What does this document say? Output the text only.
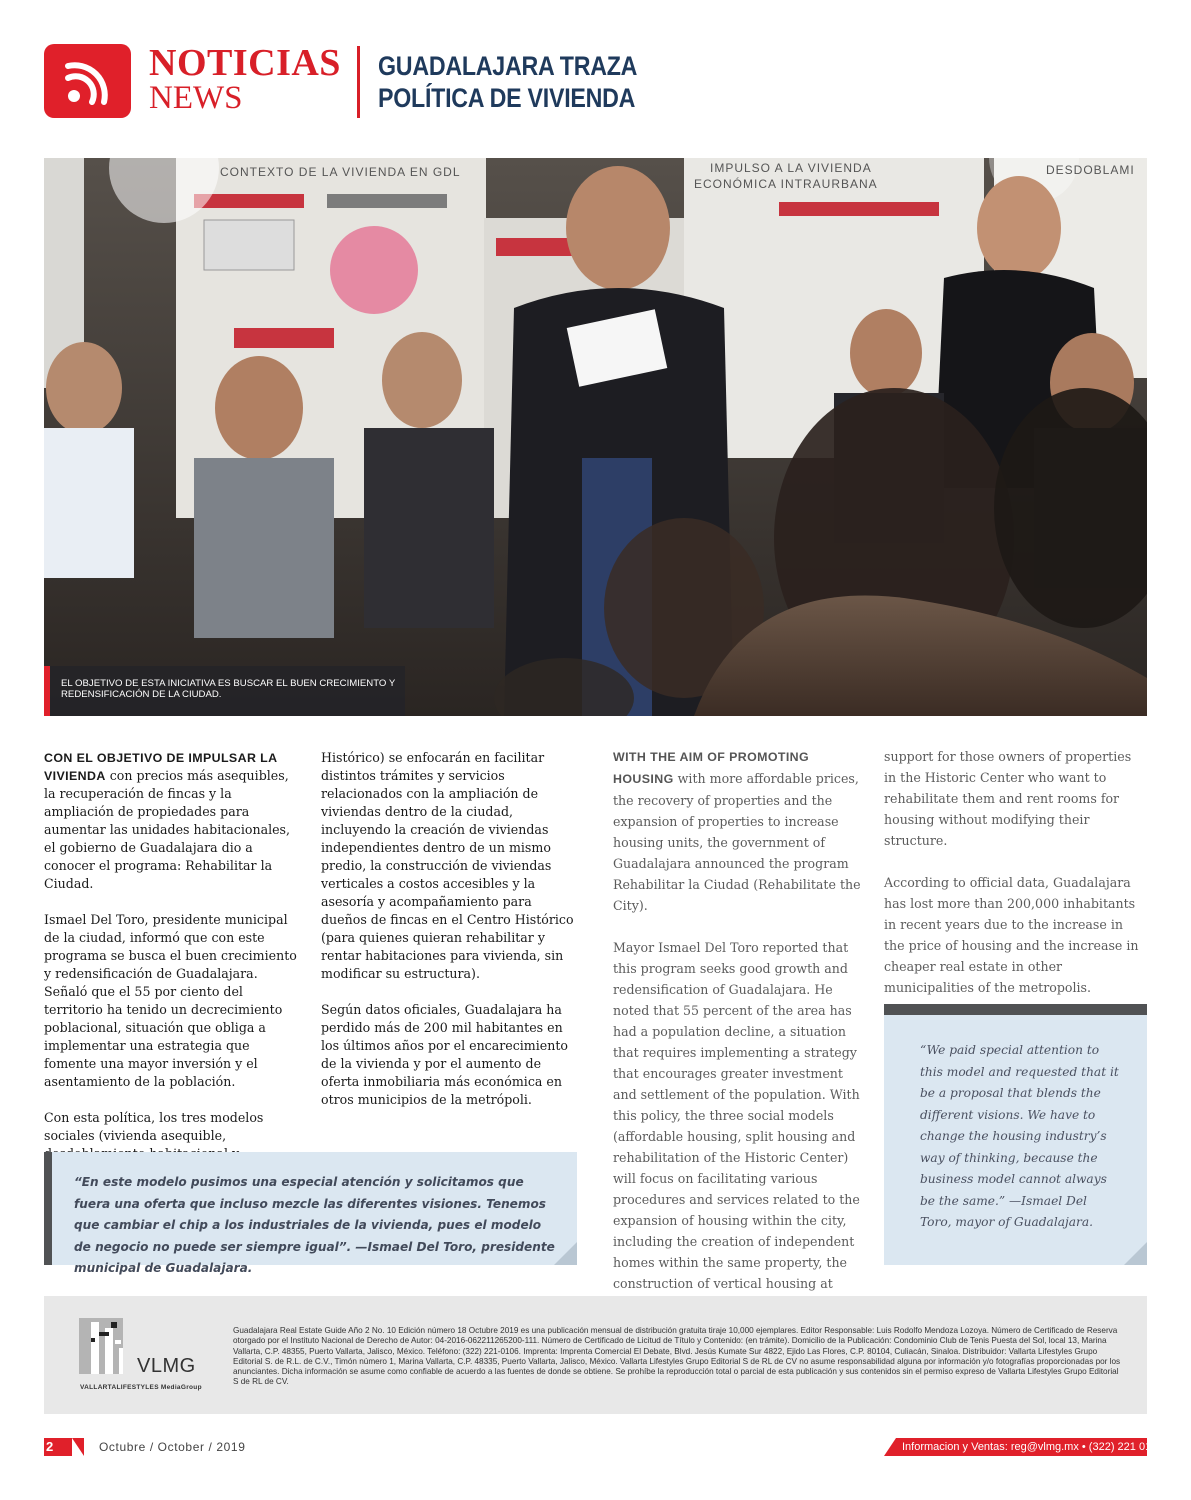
NOTICIAS
NEWS
GUADALAJARA TRAZA
POLÍTICA DE VIVIENDA
CONTEXTO DE LA VIVIENDA EN GDL	IMPULSO A LA VIVIENDA
ECONÓMICA INTRAURBANA
DESDOBLAMI
EL OBJETIVO DE ESTA INICIATIVA ES BUSCAR EL BUEN CRECIMIENTO Y REDENSIFICACIÓN DE LA CIUDAD.

CON EL OBJETIVO DE IMPULSAR LA VIVIENDA con precios más asequibles, la recuperación de fincas y la ampliación de propiedades para aumentar las unidades habitacionales, el gobierno de Guadalajara dio a conocer el programa: Rehabilitar la Ciudad.

Ismael Del Toro, presidente municipal de la ciudad, informó que con este programa se busca el buen crecimiento y redensificación de Guadalajara. Señaló que el 55 por ciento del territorio ha tenido un decrecimiento poblacional, situación que obliga a implementar una estrategia que fomente una mayor inversión y el asentamiento de la población.

Con esta política, los tres modelos sociales (vivienda asequible,

Histórico) se enfocarán en facilitar distintos trámites y servicios relacionados con la ampliación de viviendas dentro de la ciudad, incluyendo la creación de viviendas independientes dentro de un mismo predio, la construcción de viviendas verticales a costos accesibles y la asesoría y acompañamiento para dueños de fincas en el Centro Histórico (para quienes quieran rehabilitar y rentar habitaciones para vivienda, sin modificar su estructura).

Según datos oficiales, Guadalajara ha perdido más de 200 mil habitantes en los últimos años por el encarecimiento de la vivienda y por el aumento de oferta inmobiliaria más económica en otros municipios de la metrópoli.

“En este modelo pusimos una especial atención y solicitamos que fuera una oferta que incluso mezcle las diferentes visiones. Tenemos que cambiar el chip a los industriales de la vivienda, pues el modelo de negocio no puede ser siempre igual”. —Ismael Del Toro, presidente municipal de Guadalajara.

WITH THE AIM OF PROMOTING HOUSING with more affordable prices, the recovery of properties and the expansion of properties to increase housing units, the government of Guadalajara announced the program Rehabilitar la Ciudad (Rehabilitate the City).

Mayor Ismael Del Toro reported that this program seeks good growth and redensification of Guadalajara. He noted that 55 percent of the area has had a population decline, a situation that requires implementing a strategy that encourages greater investment and settlement of the population. With this policy, the three social models (affordable housing, split housing and rehabilitation of the Historic Center) will focus on facilitating various procedures and services related to the expansion of housing within the city, including the creation of independent homes within the same property, the construction of vertical housing at

support for those owners of properties in the Historic Center who want to rehabilitate them and rent rooms for housing without modifying their structure.

According to official data, Guadalajara has lost more than 200,000 inhabitants in recent years due to the increase in the price of housing and the increase in cheaper real estate in other municipalities of the metropolis.

“We paid special attention to this model and requested that it be a proposal that blends the different visions. We have to change the housing industry’s way of thinking, because the business model cannot always be the same.” —Ismael Del Toro, mayor of Guadalajara.
VLMG
VALLARTALIFESTYLES MediaGroup
Guadalajara Real Estate Guide Año 2 No. 10 Edición número 18 Octubre 2019 es una publicación mensual de distribución gratuita tiraje 10,000 ejemplares. Editor Responsable: Luis Rodolfo Mendoza Lozoya. Número de Certificado de Reserva otorgado por el Instituto Nacional de Derecho de Autor: 04-2016-062211265200-111. Número de Certificado de Licitud de Título y Contenido: (en trámite). Domicilio de la Publicación: Condominio Club de Tenis Puesta del Sol, local 13, Marina Vallarta, C.P. 48355, Puerto Vallarta, Jalisco, México. Teléfono: (322) 221-0106. Imprenta: Imprenta Comercial El Debate, Blvd. Jesús Kumate Sur 4822, Ejido Las Flores, C.P. 80104, Culiacán, Sinaloa. Distribuidor: Vallarta Lifestyles Grupo Editorial S. de R.L. de C.V., Timón número 1, Marina Vallarta, C.P. 48335, Puerto Vallarta, Jalisco, México. Vallarta Lifestyles Grupo Editorial S de RL de CV no asume responsabilidad alguna por información y/o fotografías proporcionadas por los anunciantes. Dicha información se asume como confiable de acuerdo a las fuentes de donde se obtiene. Se prohíbe la reproducción total o parcial de esta publicación y sus contenidos sin el permiso expreso de Vallarta Lifestyles Grupo Editorial S de RL de CV.
2	Octubre / October / 2019	Informacion y Ventas: reg@vlmg.mx • (322) 221 0106
